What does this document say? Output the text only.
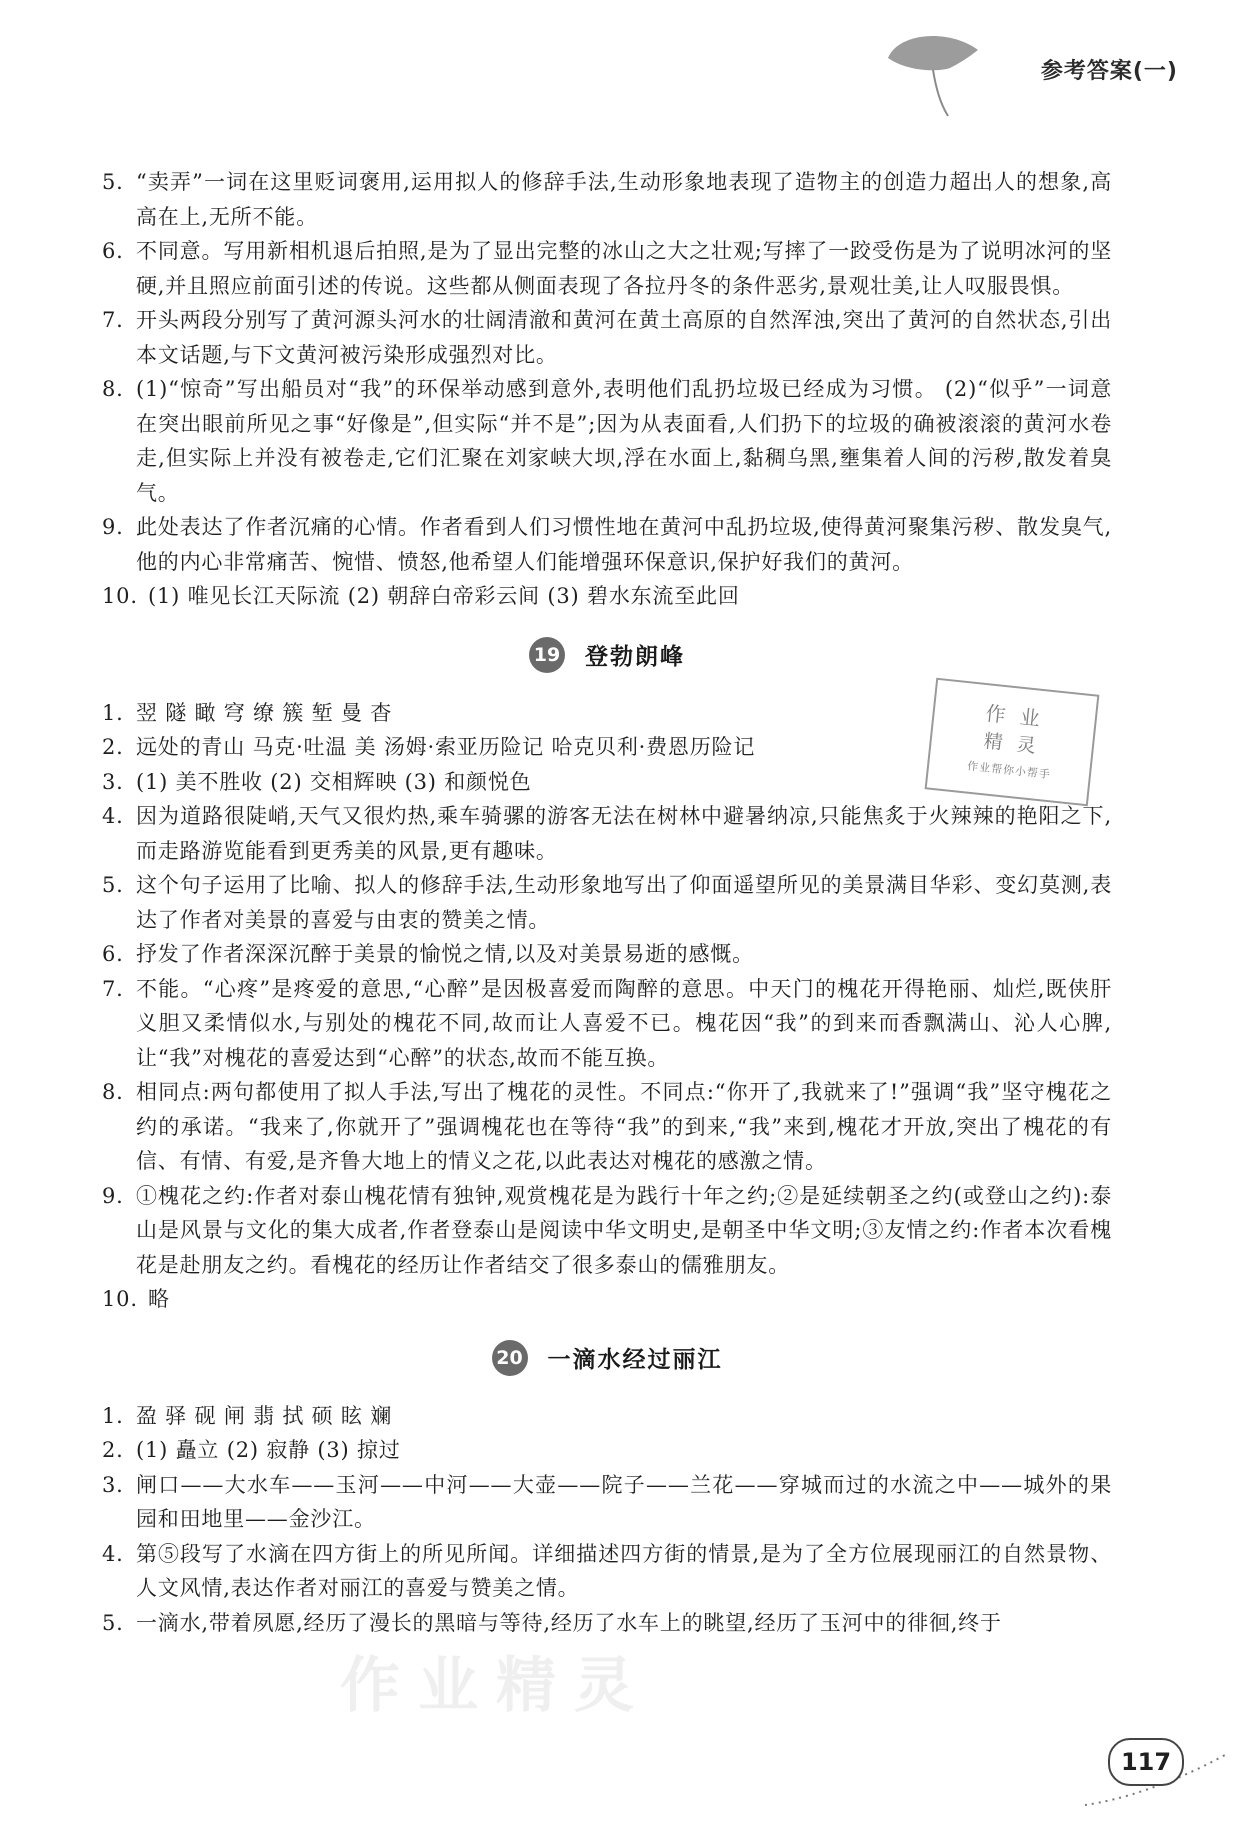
参考答案(一)
5. “卖弄”一词在这里贬词褒用,运用拟人的修辞手法,生动形象地表现了造物主的创造力超出人的想象,高高在上,无所不能。
6. 不同意。写用新相机退后拍照,是为了显出完整的冰山之大之壮观;写摔了一跤受伤是为了说明冰河的坚硬,并且照应前面引述的传说。这些都从侧面表现了各拉丹冬的条件恶劣,景观壮美,让人叹服畏惧。
7. 开头两段分别写了黄河源头河水的壮阔清澈和黄河在黄土高原的自然浑浊,突出了黄河的自然状态,引出本文话题,与下文黄河被污染形成强烈对比。
8. (1)“惊奇”写出船员对“我”的环保举动感到意外,表明他们乱扔垃圾已经成为习惯。 (2)“似乎”一词意在突出眼前所见之事“好像是”,但实际“并不是”;因为从表面看,人们扔下的垃圾的确被滚滚的黄河水卷走,但实际上并没有被卷走,它们汇聚在刘家峡大坝,浮在水面上,黏稠乌黑,壅集着人间的污秽,散发着臭气。
9. 此处表达了作者沉痛的心情。作者看到人们习惯性地在黄河中乱扔垃圾,使得黄河聚集污秽、散发臭气,他的内心非常痛苦、惋惜、愤怒,他希望人们能增强环保意识,保护好我们的黄河。
10. (1) 唯见长江天际流 (2) 朝辞白帝彩云间 (3) 碧水东流至此回
19 登勃朗峰
1. 翌 隧 瞰 穹 缭 簇 堑 曼 杳
2. 远处的青山 马克·吐温 美 汤姆·索亚历险记 哈克贝利·费恩历险记
3. (1) 美不胜收 (2) 交相辉映 (3) 和颜悦色
4. 因为道路很陡峭,天气又很灼热,乘车骑骡的游客无法在树林中避暑纳凉,只能焦炙于火辣辣的艳阳之下,而走路游览能看到更秀美的风景,更有趣味。
5. 这个句子运用了比喻、拟人的修辞手法,生动形象地写出了仰面遥望所见的美景满目华彩、变幻莫测,表达了作者对美景的喜爱与由衷的赞美之情。
6. 抒发了作者深深沉醉于美景的愉悦之情,以及对美景易逝的感慨。
7. 不能。“心疼”是疼爱的意思,“心醉”是因极喜爱而陶醉的意思。中天门的槐花开得艳丽、灿烂,既侠肝义胆又柔情似水,与别处的槐花不同,故而让人喜爱不已。槐花因“我”的到来而香飘满山、沁人心脾,让“我”对槐花的喜爱达到“心醉”的状态,故而不能互换。
8. 相同点:两句都使用了拟人手法,写出了槐花的灵性。不同点:“你开了,我就来了!”强调“我”坚守槐花之约的承诺。“我来了,你就开了”强调槐花也在等待“我”的到来,“我”来到,槐花才开放,突出了槐花的有信、有情、有爱,是齐鲁大地上的情义之花,以此表达对槐花的感激之情。
9. ①槐花之约:作者对泰山槐花情有独钟,观赏槐花是为践行十年之约;②是延续朝圣之约(或登山之约):泰山是风景与文化的集大成者,作者登泰山是阅读中华文明史,是朝圣中华文明;③友情之约:作者本次看槐花是赴朋友之约。看槐花的经历让作者结交了很多泰山的儒雅朋友。
10. 略
20 一滴水经过丽江
1. 盈 驿 砚 闸 翡 拭 硕 眩 斓
2. (1) 矗立 (2) 寂静 (3) 掠过
3. 闸口——大水车——玉河——中河——大壶——院子——兰花——穿城而过的水流之中——城外的果园和田地里——金沙江。
4. 第⑤段写了水滴在四方街上的所见所闻。详细描述四方街的情景,是为了全方位展现丽江的自然景物、人文风情,表达作者对丽江的喜爱与赞美之情。
5. 一滴水,带着夙愿,经历了漫长的黑暗与等待,经历了水车上的眺望,经历了玉河中的徘徊,终于
作 业
精 灵
作业帮你小帮手
作业精灵
117
